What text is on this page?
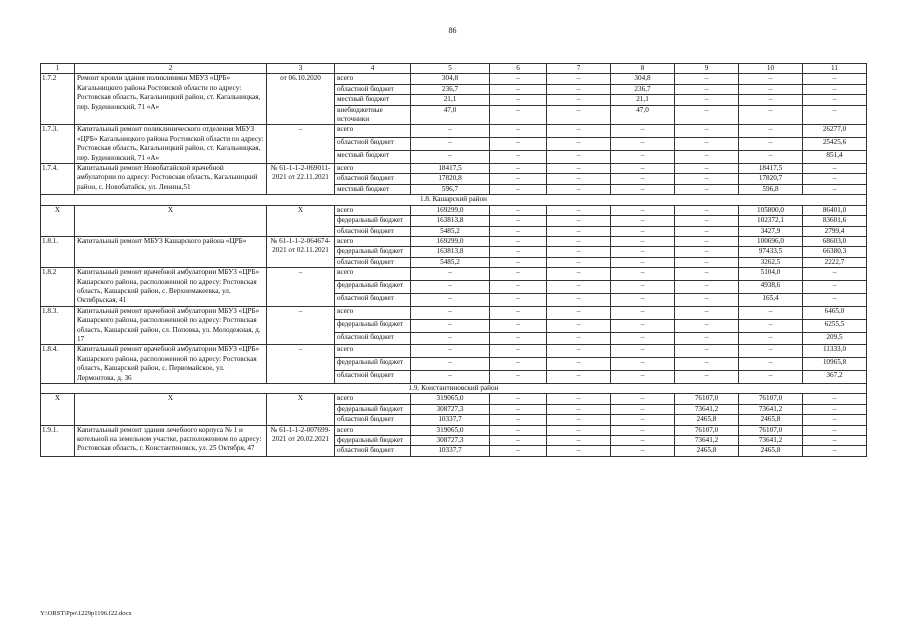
86
1	2	3	4	5	6	7	8	9	10	11
1.7.2	Ремонт кровли здания поликлиники МБУЗ «ЦРБ» Кагальницкого района Ростовской области по адресу: Ростовская область, Кагальницкий район, ст. Кагальницкая, пер. Буденновский, 71 «А»	от 06.10.2020	всего	304,8	–	–	304,8	–	–	–
			областной бюджет	236,7	–	–	236,7	–	–	–
			местный бюджет	21,1	–	–	21,1	–	–	–
			внебюджетные источники	47,0	–	–	47,0	–	–	–
1.7.3.	Капитальный ремонт поликлинического отделения МБУЗ «ЦРБ» Кагальницкого района Ростовской области по адресу: Ростовская область, Кагальницкий район, ст. Кагальницкая, пер. Буденновский, 71 «А»	–	всего	–	–	–	–	–	–	26277,0
			областной бюджет	–	–	–	–	–	–	25425,6
			местный бюджет	–	–	–	–	–	–	851,4
1.7.4.	Капитальный ремонт Новобатайской врачебной амбулатории по адресу: Ростовская область, Кагальницкий район, с. Новобатайск, ул. Ленина,51	№ 61-1-1-2-069011-2021 от 22.11.2021	всего	18417,5	–	–	–	–	18417,5	–
			областной бюджет	17820,8	–	–	–	–	17820,7	–
			местный бюджет	596,7	–	–	–	–	596,8	–
1.8. Кашарский район										
Х	Х	Х	всего	169299,0	–	–	–	–	105800,0	86401,0
			федеральный бюджет	163813,8	–	–	–	–	102372,1	83601,6
			областной бюджет	5485,2	–	–	–	–	3427,9	2799,4
1.8.1.	Капитальный ремонт МБУЗ Кашарского района «ЦРБ»	№ 61-1-1-2-064674-2021 от 02.11.2021	всего	169299,0	–	–	–	–	100696,0	68603,0
			федеральный бюджет	163813,8	–	–	–	–	97433,5	66380,3
			областной бюджет	5485,2	–	–	–	–	3262,5	2222,7
1.8.2	Капитальный ремонт врачебной амбулатории МБУЗ «ЦРБ» Кашарского района, расположенной по адресу: Ростовская область, Кашарский район, с. Верхнемакеевка, ул. Октябрьская, 41	–	всего	–	–	–	–	–	5104,0	–
			федеральный бюджет	–	–	–	–	–	4938,6	–
			областной бюджет	–	–	–	–	–	165,4	–
1.8.3.	Капитальный ремонт врачебной амбулатории МБУЗ «ЦРБ» Кашарского района, расположенной по адресу: Ростовская область, Кашарский район, сл. Поповка, ул. Молодежная, д. 17	–	всего	–	–	–	–	–	–	6465,0
			федеральный бюджет	–	–	–	–	–	–	6255,5
			областной бюджет	–	–	–	–	–	–	209,5
1.8.4.	Капитальный ремонт врачебной амбулатории МБУЗ «ЦРБ» Кашарского района, расположенной по адресу: Ростовская область, Кашарский район, с. Первомайское, ул. Лермонтова, д. 36	–	всего	–	–	–	–	–	–	11333,0
			федеральный бюджет	–	–	–	–	–	–	10965,8
			областной бюджет	–	–	–	–	–	–	367,2
1.9. Константиновский район										
Х	Х	Х	всего	319065,0	–	–	–	76107,0	76107,0	–
			федеральный бюджет	308727,3	–	–	–	73641,2	73641,2	–
			областной бюджет	10337,7	–	–	–	2465,8	2465,8	–
1.9.1.	Капитальный ремонт здания лечебного корпуса № 1 и котельной на земельном участке, расположенном по адресу: Ростовская область, г. Константиновск, ул. 25 Октября, 47	№ 61-1-1-2-007699-2021 от 20.02.2021	всего	319065,0	–	–	–	76107,0	76107,0	–
			федеральный бюджет	308727,3	–	–	–	73641,2	73641,2	–
			областной бюджет	10337,7	–	–	–	2465,8	2465,8	–
Y:\ORST\Ppo\1229p1196.f22.docx
